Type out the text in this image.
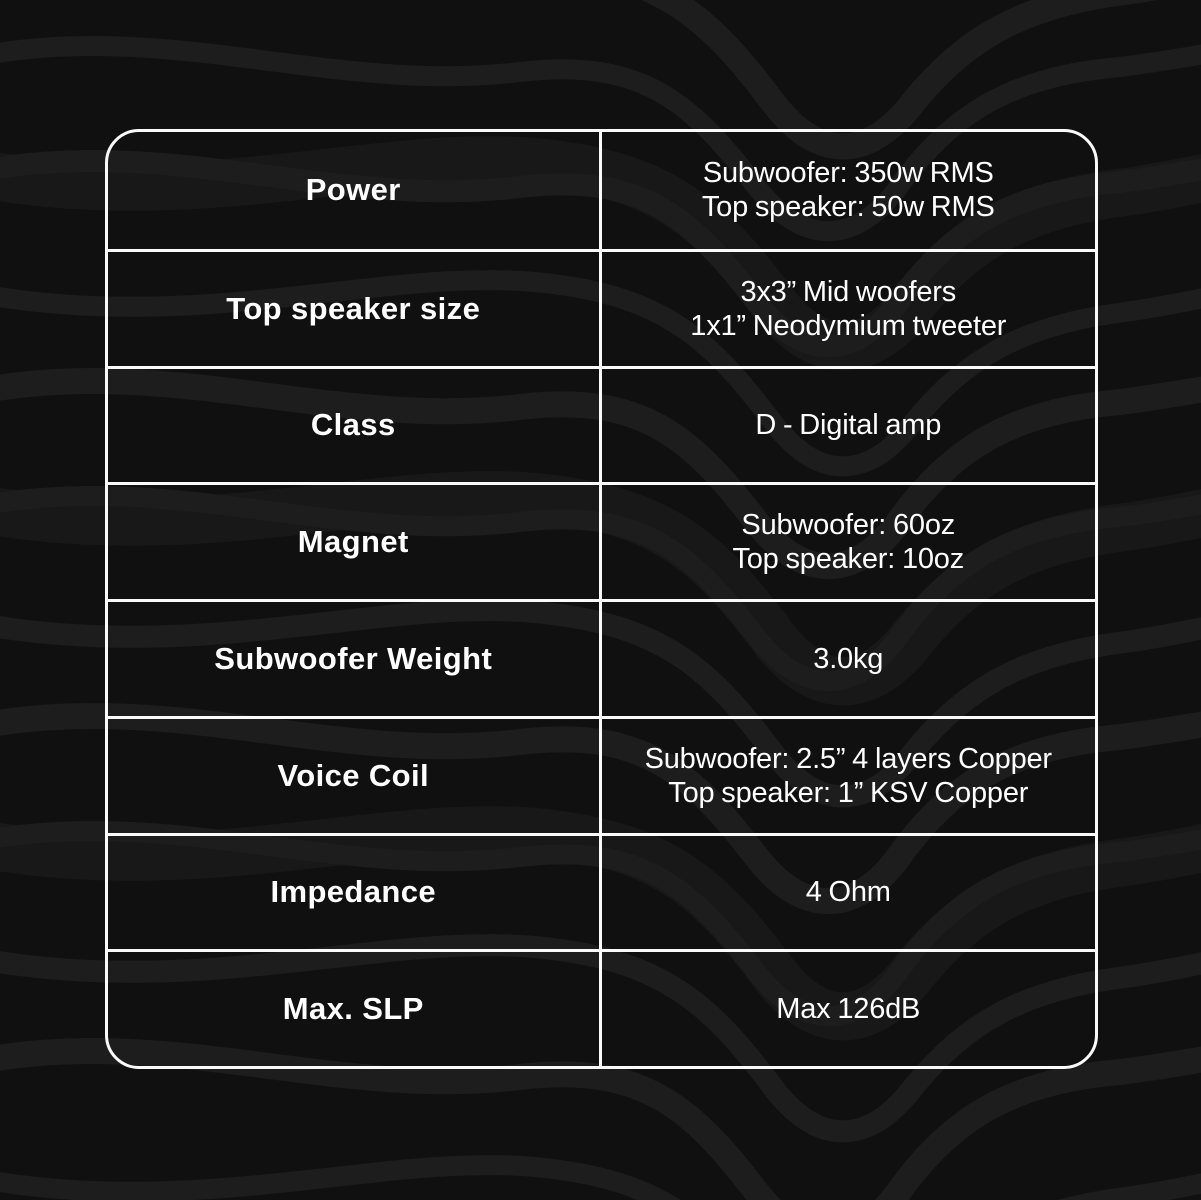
Power	Subwoofer: 350w RMS
Top speaker: 50w RMS
Top speaker size	3x3” Mid woofers
1x1” Neodymium tweeter
Class	D - Digital amp
Magnet	Subwoofer: 60oz
Top speaker: 10oz
Subwoofer Weight	3.0kg
Voice Coil	Subwoofer: 2.5” 4 layers Copper
Top speaker: 1” KSV Copper
Impedance	4 Ohm
Max. SLP	Max 126dB
